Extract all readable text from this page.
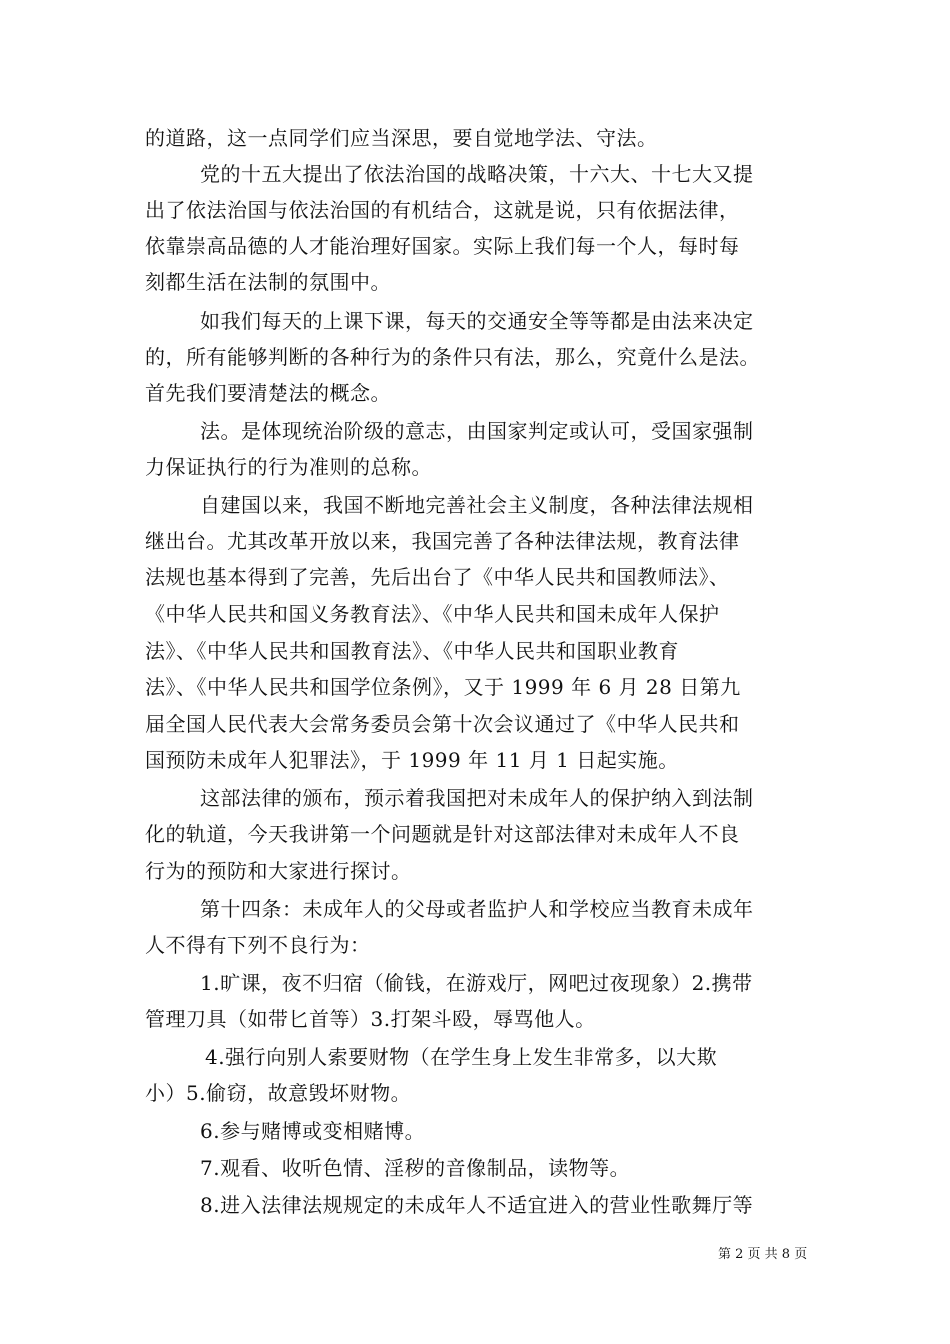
的道路，这一点同学们应当深思，要自觉地学法、守法。
党的十五大提出了依法治国的战略决策，十六大、十七大又提
出了依法治国与依法治国的有机结合，这就是说，只有依据法律，
依靠崇高品德的人才能治理好国家。实际上我们每一个人，每时每
刻都生活在法制的氛围中。
如我们每天的上课下课，每天的交通安全等等都是由法来决定
的，所有能够判断的各种行为的条件只有法，那么，究竟什么是法。
首先我们要清楚法的概念。
法。是体现统治阶级的意志，由国家判定或认可，受国家强制
力保证执行的行为准则的总称。
自建国以来，我国不断地完善社会主义制度，各种法律法规相
继出台。尤其改革开放以来，我国完善了各种法律法规，教育法律
法规也基本得到了完善，先后出台了《中华人民共和国教师法》、
《中华人民共和国义务教育法》、《中华人民共和国未成年人保护
法》、《中华人民共和国教育法》、《中华人民共和国职业教育
法》、《中华人民共和国学位条例》，又于 1999 年 6 月 28 日第九
届全国人民代表大会常务委员会第十次会议通过了《中华人民共和
国预防未成年人犯罪法》，于 1999 年 11 月 1 日起实施。
这部法律的颁布，预示着我国把对未成年人的保护纳入到法制
化的轨道，今天我讲第一个问题就是针对这部法律对未成年人不良
行为的预防和大家进行探讨。
第十四条：未成年人的父母或者监护人和学校应当教育未成年
人不得有下列不良行为：
1.旷课，夜不归宿（偷钱，在游戏厅，网吧过夜现象）2.携带
管理刀具（如带匕首等）3.打架斗殴，辱骂他人。
4.强行向别人索要财物（在学生身上发生非常多，以大欺
小）5.偷窃，故意毁坏财物。
6.参与赌博或变相赌博。
7.观看、收听色情、淫秽的音像制品，读物等。
8.进入法律法规规定的未成年人不适宜进入的营业性歌舞厅等
第 2 页 共 8 页
